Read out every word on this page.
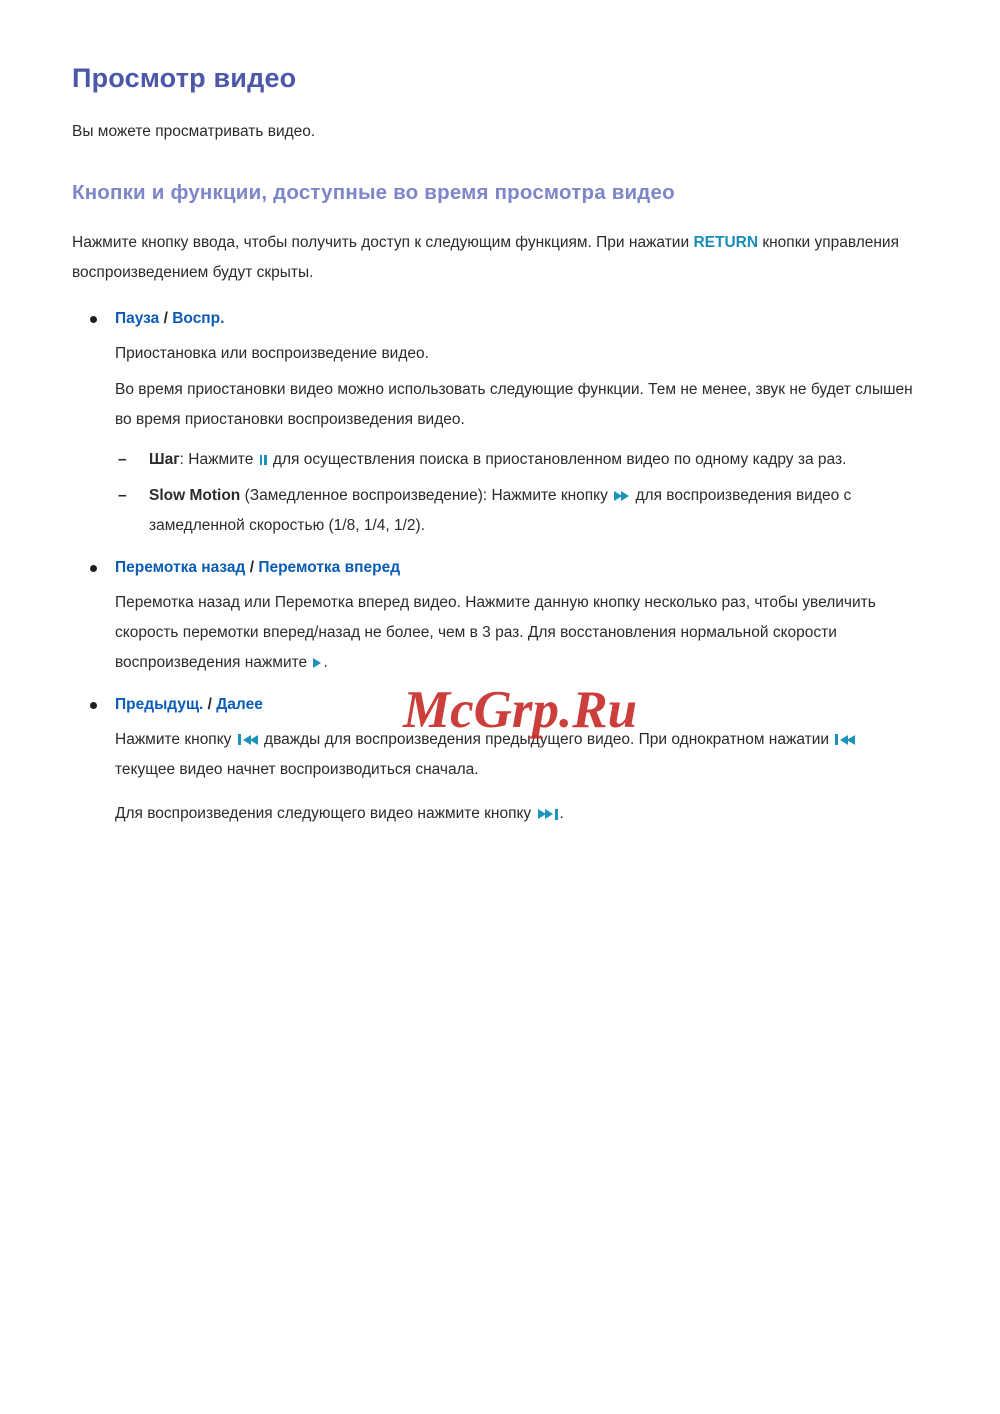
Просмотр видео

Вы можете просматривать видео.

Кнопки и функции, доступные во время просмотра видео

Нажмите кнопку ввода, чтобы получить доступ к следующим функциям. При нажатии RETURN кнопки управления воспроизведением будут скрыты.

Пауза / Воспр.

Приостановка или воспроизведение видео.

Во время приостановки видео можно использовать следующие функции. Тем не менее, звук не будет слышен во время приостановки воспроизведения видео.

– Шаг: Нажмите
для осуществления поиска в приостановленном видео по одному кадру за раз.
– Slow Motion (Замедленное воспроизведение): Нажмите кнопку
для воспроизведения видео с замедленной скоростью (1/8, 1/4, 1/2).
Перемотка назад / Перемотка вперед

Перемотка назад или Перемотка вперед видео. Нажмите данную кнопку несколько раз, чтобы увеличить скорость перемотки вперед/назад не более, чем в 3 раз. Для восстановления нормальной скорости воспроизведения нажмите
.

Предыдущ. / Далее

Нажмите кнопку
дважды для воспроизведения предыдущего видео. При однократном нажатии
текущее видео начнет воспроизводиться сначала.

Для воспроизведения следующего видео нажмите кнопку
.

McGrp.Ru
